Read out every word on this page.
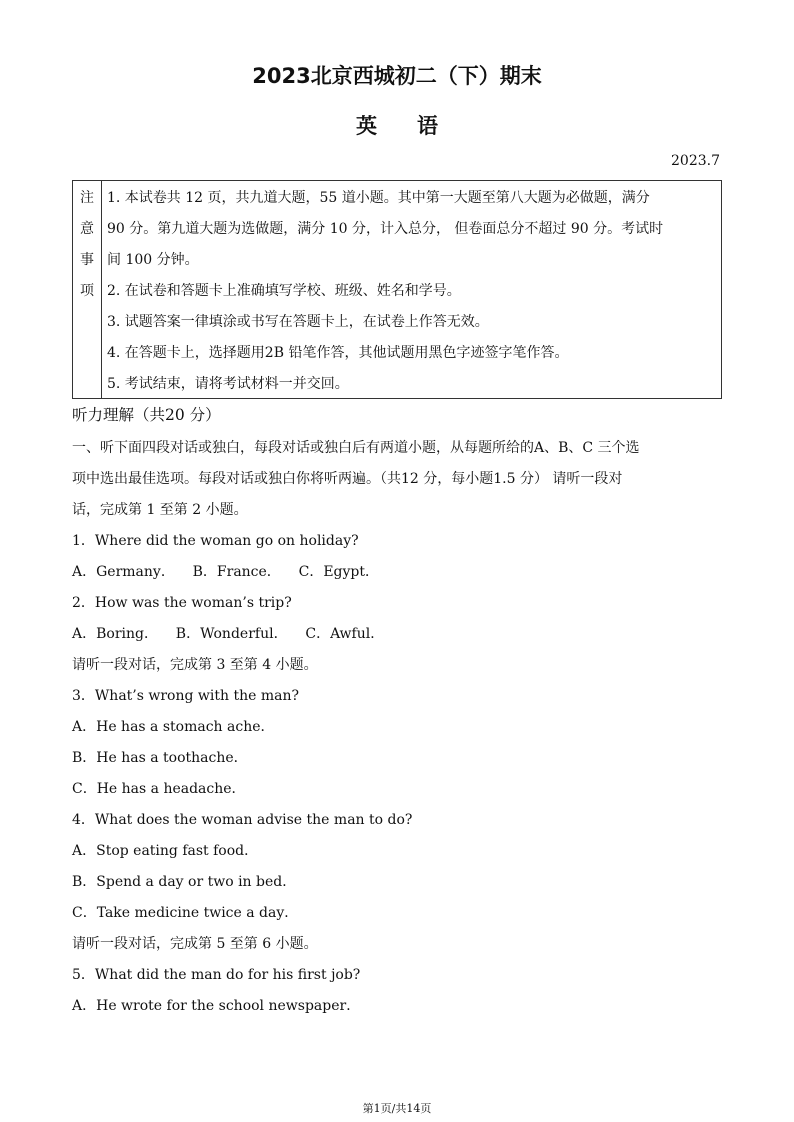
2023北京西城初二（下）期末
英语
2023.7
注
意
事
项

1. 本试卷共 12 页，共九道大题，55 道小题。其中第一大题至第八大题为必做题，满分

90 分。第九道大题为选做题，满分 10 分，计入总分， 但卷面总分不超过 90 分。考试时

间 100 分钟。

2. 在试卷和答题卡上准确填写学校、班级、姓名和学号。

3. 试题答案一律填涂或书写在答题卡上，在试卷上作答无效。

4. 在答题卡上，选择题用2B 铅笔作答，其他试题用黑色字迹签字笔作答。

5. 考试结束，请将考试材料一并交回。

听力理解（共20 分）

一、听下面四段对话或独白，每段对话或独白后有两道小题，从每题所给的A、B、C 三个选

项中选出最佳选项。每段对话或独白你将听两遍。（共12 分，每小题1.5 分） 请听一段对

话，完成第 1 至第 2 小题。

1．Where did the woman go on holiday?

A．Germany．    B．France．    C．Egypt．

2．How was the woman’s trip?

A．Boring．    B．Wonderful．    C．Awful．

请听一段对话，完成第 3 至第 4 小题。

3．What’s wrong with the man?

A．He has a stomach ache．

B．He has a toothache．

C．He has a headache．

4．What does the woman advise the man to do?

A．Stop eating fast food．

B．Spend a day or two in bed．

C．Take medicine twice a day．

请听一段对话，完成第 5 至第 6 小题。

5．What did the man do for his first job?

A．He wrote for the school newspaper．

第1页/共14页
